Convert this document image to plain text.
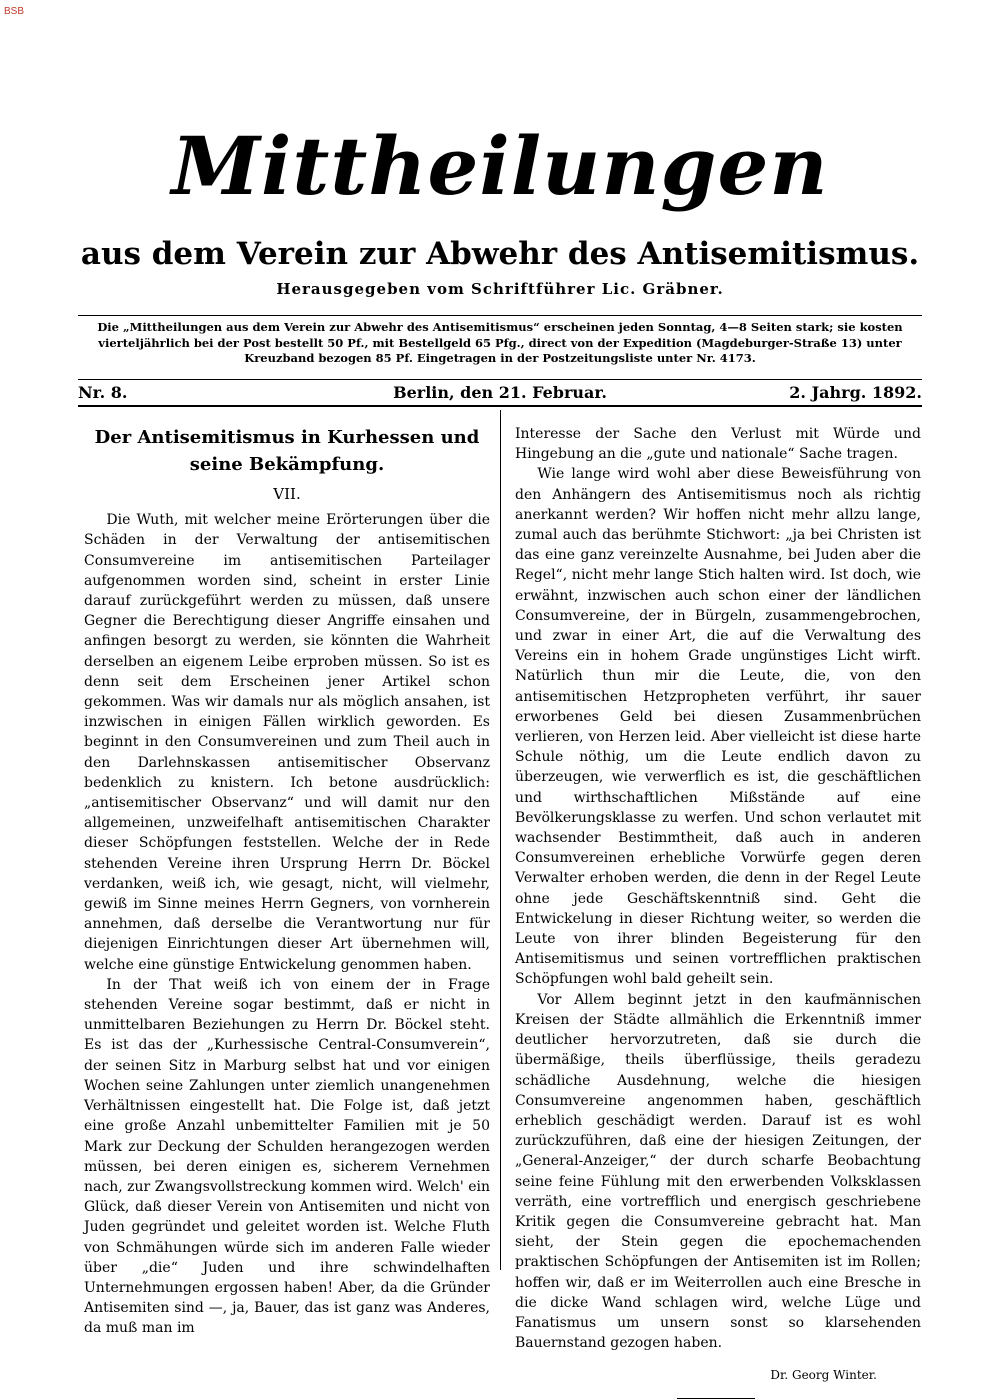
BSB
Mittheilungen
aus dem Verein zur Abwehr des Antisemitismus.
Herausgegeben vom Schriftführer Lic. Gräbner.
Die „Mittheilungen aus dem Verein zur Abwehr des Antisemitismus“ erscheinen jeden Sonntag, 4—8 Seiten stark; sie kosten vierteljährlich bei der Post bestellt 50 Pf., mit Bestellgeld 65 Pfg., direct von der Expedition (Magdeburger-Straße 13) unter Kreuzband bezogen 85 Pf. Eingetragen in der Postzeitungsliste unter Nr. 4173.
Nr. 8.	Berlin, den 21. Februar.	2. Jahrg. 1892.
Der Antisemitismus in Kurhessen und seine Bekämpfung.
VII.

Die Wuth, mit welcher meine Erörterungen über die Schäden in der Verwaltung der antisemitischen Consumvereine im antisemitischen Parteilager aufgenommen worden sind, scheint in erster Linie darauf zurückgeführt werden zu müssen, daß unsere Gegner die Berechtigung dieser Angriffe einsahen und anfingen besorgt zu werden, sie könnten die Wahrheit derselben an eigenem Leibe erproben müssen. So ist es denn seit dem Erscheinen jener Artikel schon gekommen. Was wir damals nur als möglich ansahen, ist inzwischen in einigen Fällen wirklich geworden. Es beginnt in den Consumvereinen und zum Theil auch in den Darlehnskassen antisemitischer Observanz bedenklich zu knistern. Ich betone ausdrücklich: „antisemitischer Observanz“ und will damit nur den allgemeinen, unzweifelhaft antisemitischen Charakter dieser Schöpfungen feststellen. Welche der in Rede stehenden Vereine ihren Ursprung Herrn Dr. Böckel verdanken, weiß ich, wie gesagt, nicht, will vielmehr, gewiß im Sinne meines Herrn Gegners, von vornherein annehmen, daß derselbe die Verantwortung nur für diejenigen Einrichtungen dieser Art übernehmen will, welche eine günstige Entwickelung genommen haben.

In der That weiß ich von einem der in Frage stehenden Vereine sogar bestimmt, daß er nicht in unmittelbaren Beziehungen zu Herrn Dr. Böckel steht. Es ist das der „Kurhessische Central-Consumverein“, der seinen Sitz in Marburg selbst hat und vor einigen Wochen seine Zahlungen unter ziemlich unangenehmen Verhältnissen eingestellt hat. Die Folge ist, daß jetzt eine große Anzahl unbemittelter Familien mit je 50 Mark zur Deckung der Schulden herangezogen werden müssen, bei deren einigen es, sicherem Vernehmen nach, zur Zwangsvollstreckung kommen wird. Welch' ein Glück, daß dieser Verein von Antisemiten und nicht von Juden gegründet und geleitet worden ist. Welche Fluth von Schmähungen würde sich im anderen Falle wieder über „die“ Juden und ihre schwindelhaften Unternehmungen ergossen haben! Aber, da die Gründer Antisemiten sind —, ja, Bauer, das ist ganz was Anderes, da muß man im

Interesse der Sache den Verlust mit Würde und Hingebung an die „gute und nationale“ Sache tragen.

Wie lange wird wohl aber diese Beweisführung von den Anhängern des Antisemitismus noch als richtig anerkannt werden? Wir hoffen nicht mehr allzu lange, zumal auch das berühmte Stichwort: „ja bei Christen ist das eine ganz vereinzelte Ausnahme, bei Juden aber die Regel“, nicht mehr lange Stich halten wird. Ist doch, wie erwähnt, inzwischen auch schon einer der ländlichen Consumvereine, der in Bürgeln, zusammengebrochen, und zwar in einer Art, die auf die Verwaltung des Vereins ein in hohem Grade ungünstiges Licht wirft. Natürlich thun mir die Leute, die, von den antisemitischen Hetzpropheten verführt, ihr sauer erworbenes Geld bei diesen Zusammenbrüchen verlieren, von Herzen leid. Aber vielleicht ist diese harte Schule nöthig, um die Leute endlich davon zu überzeugen, wie verwerflich es ist, die geschäftlichen und wirthschaftlichen Mißstände auf eine Bevölkerungsklasse zu werfen. Und schon verlautet mit wachsender Bestimmtheit, daß auch in anderen Consumvereinen erhebliche Vorwürfe gegen deren Verwalter erhoben werden, die denn in der Regel Leute ohne jede Geschäftskenntniß sind. Geht die Entwickelung in dieser Richtung weiter, so werden die Leute von ihrer blinden Begeisterung für den Antisemitismus und seinen vortrefflichen praktischen Schöpfungen wohl bald geheilt sein.

Vor Allem beginnt jetzt in den kaufmännischen Kreisen der Städte allmählich die Erkenntniß immer deutlicher hervorzutreten, daß sie durch die übermäßige, theils überflüssige, theils geradezu schädliche Ausdehnung, welche die hiesigen Consumvereine angenommen haben, geschäftlich erheblich geschädigt werden. Darauf ist es wohl zurückzuführen, daß eine der hiesigen Zeitungen, der „General-Anzeiger,“ der durch scharfe Beobachtung seine feine Fühlung mit den erwerbenden Volksklassen verräth, eine vortrefflich und energisch geschriebene Kritik gegen die Consumvereine gebracht hat. Man sieht, der Stein gegen die epochemachenden praktischen Schöpfungen der Antisemiten ist im Rollen; hoffen wir, daß er im Weiterrollen auch eine Bresche in die dicke Wand schlagen wird, welche Lüge und Fanatismus um unsern sonst so klarsehenden Bauernstand gezogen haben.

Dr. Georg Winter.
